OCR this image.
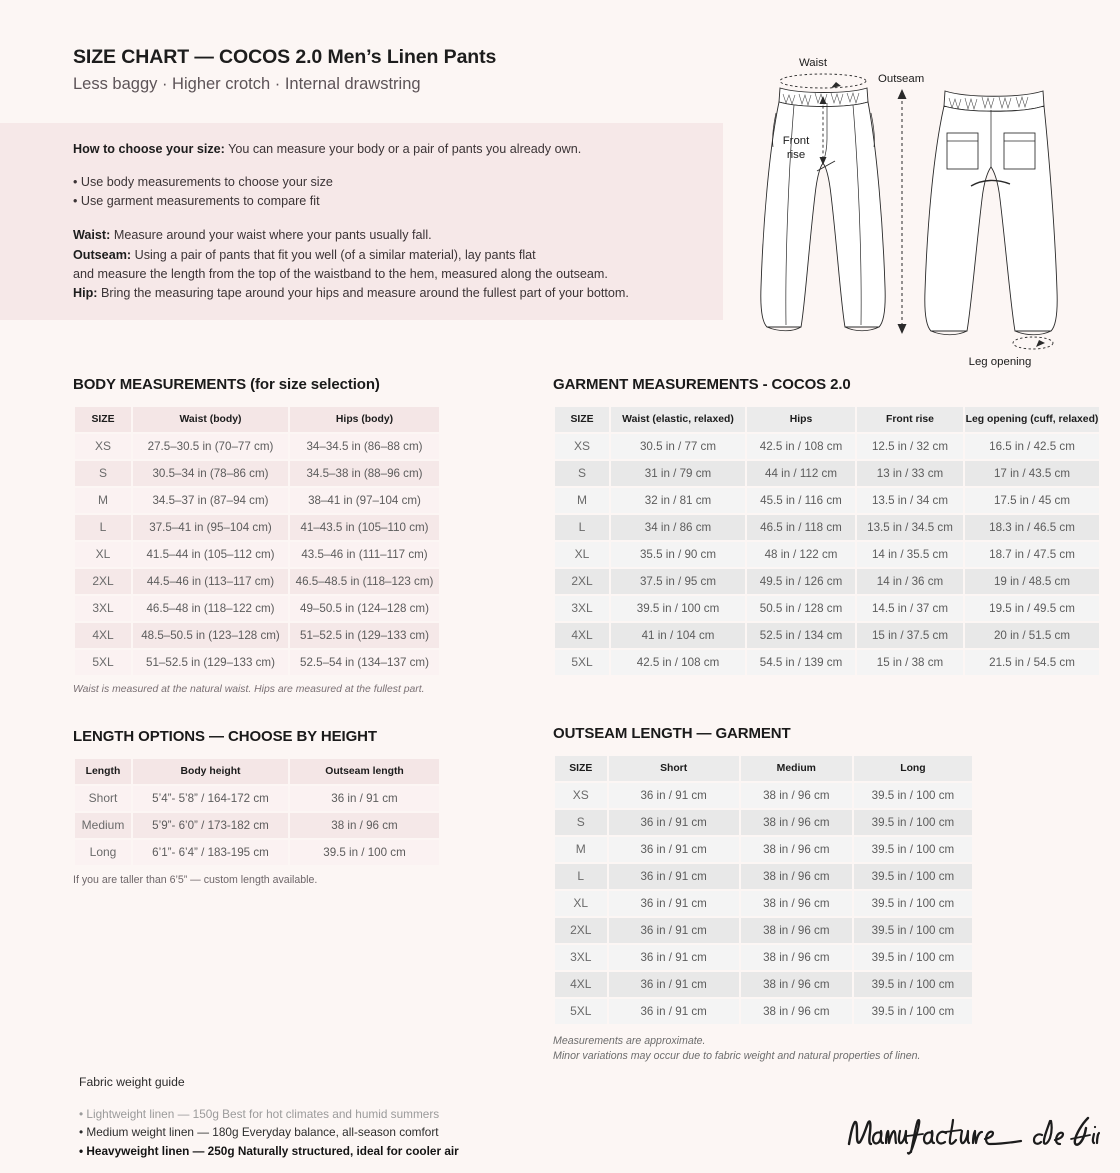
SIZE CHART — COCOS 2.0 Men’s Linen Pants

Less baggy · Higher crotch · Internal drawstring

How to choose your size: You can measure your body or a pair of pants you already own.

• Use body measurements to choose your size

• Use garment measurements to compare fit

Waist: Measure around your waist where your pants usually fall.

Outseam: Using a pair of pants that fit you well (of a similar material), lay pants flat

and measure the length from the top of the waistband to the hem, measured along the outseam.

Hip: Bring the measuring tape around your hips and measure around the fullest part of your bottom.

Waist
Outseam
Front
rise
Leg opening
BODY MEASUREMENTS (for size selection)
SIZE	Waist (body)	Hips (body)
XS	27.5–30.5 in (70–77 cm)	34–34.5 in (86–88 cm)
S	30.5–34 in (78–86 cm)	34.5–38 in (88–96 cm)
M	34.5–37 in (87–94 cm)	38–41 in (97–104 cm)
L	37.5–41 in (95–104 cm)	41–43.5 in (105–110 cm)
XL	41.5–44 in (105–112 cm)	43.5–46 in (111–117 cm)
2XL	44.5–46 in (113–117 cm)	46.5–48.5 in (118–123 cm)
3XL	46.5–48 in (118–122 cm)	49–50.5 in (124–128 cm)
4XL	48.5–50.5 in (123–128 cm)	51–52.5 in (129–133 cm)
5XL	51–52.5 in (129–133 cm)	52.5–54 in (134–137 cm)
Waist is measured at the natural waist. Hips are measured at the fullest part.
GARMENT MEASUREMENTS - COCOS 2.0
SIZE	Waist (elastic, relaxed)	Hips	Front rise	Leg opening (cuff, relaxed)
XS	30.5 in / 77 cm	42.5 in / 108 cm	12.5 in / 32 cm	16.5 in / 42.5 cm
S	31 in / 79 cm	44 in / 112 cm	13 in / 33 cm	17 in / 43.5 cm
M	32 in / 81 cm	45.5 in / 116 cm	13.5 in / 34 cm	17.5 in / 45 cm
L	34 in / 86 cm	46.5 in / 118 cm	13.5 in / 34.5 cm	18.3 in / 46.5 cm
XL	35.5 in / 90 cm	48 in / 122 cm	14 in / 35.5 cm	18.7 in / 47.5 cm
2XL	37.5 in / 95 cm	49.5 in / 126 cm	14 in / 36 cm	19 in / 48.5 cm
3XL	39.5 in / 100 cm	50.5 in / 128 cm	14.5 in / 37 cm	19.5 in / 49.5 cm
4XL	41 in / 104 cm	52.5 in / 134 cm	15 in / 37.5 cm	20 in / 51.5 cm
5XL	42.5 in / 108 cm	54.5 in / 139 cm	15 in / 38 cm	21.5 in / 54.5 cm
LENGTH OPTIONS — CHOOSE BY HEIGHT
Length	Body height	Outseam length
Short	5’4”- 5’8” / 164-172 cm	36 in / 91 cm
Medium	5’9”- 6’0” / 173-182 cm	38 in / 96 cm
Long	6’1”- 6’4” / 183-195 cm	39.5 in / 100 cm
If you are taller than 6’5” — custom length available.
OUTSEAM LENGTH — GARMENT
SIZE	Short	Medium	Long
XS	36 in / 91 cm	38 in / 96 cm	39.5 in / 100 cm
S	36 in / 91 cm	38 in / 96 cm	39.5 in / 100 cm
M	36 in / 91 cm	38 in / 96 cm	39.5 in / 100 cm
L	36 in / 91 cm	38 in / 96 cm	39.5 in / 100 cm
XL	36 in / 91 cm	38 in / 96 cm	39.5 in / 100 cm
2XL	36 in / 91 cm	38 in / 96 cm	39.5 in / 100 cm
3XL	36 in / 91 cm	38 in / 96 cm	39.5 in / 100 cm
4XL	36 in / 91 cm	38 in / 96 cm	39.5 in / 100 cm
5XL	36 in / 91 cm	38 in / 96 cm	39.5 in / 100 cm
Measurements are approximate.
Minor variations may occur due to fabric weight and natural properties of linen.
Fabric weight guide
• Lightweight linen — 150g Best for hot climates and humid summers
• Medium weight linen — 180g Everyday balance, all-season comfort
• Heavyweight linen — 250g Naturally structured, ideal for cooler air
